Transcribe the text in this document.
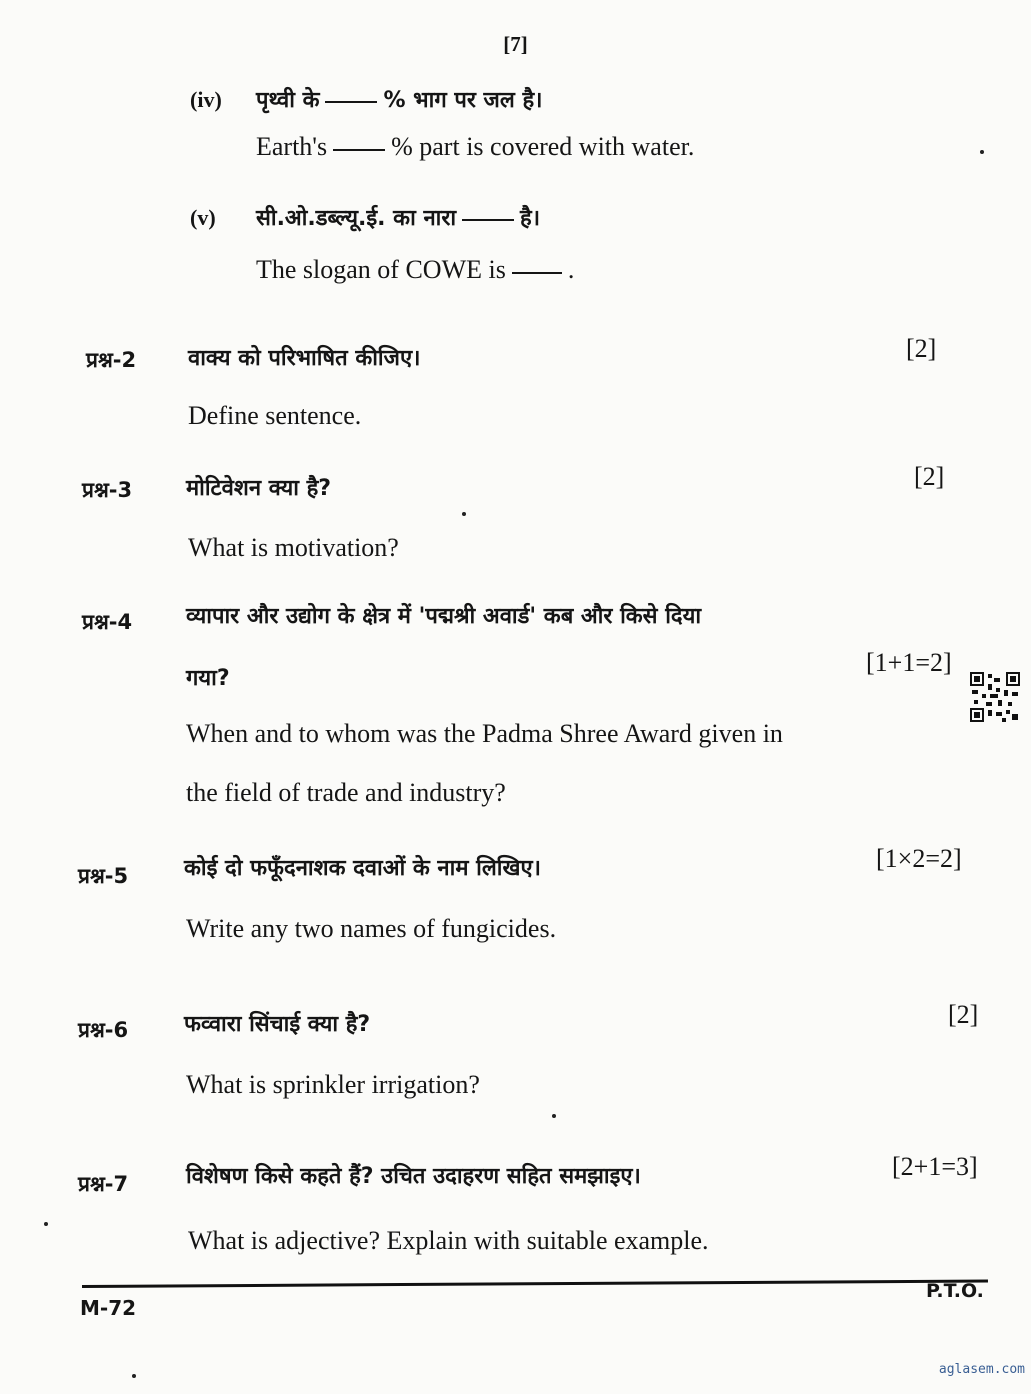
[7]
(iv) पृथ्वी के	% भाग पर जल है।
Earth's % part is covered with water.
(v) सी.ओ.डब्ल्यू.ई. का नारा	है।
The slogan of COWE is .
प्रश्न-2 वाक्य को परिभाषित कीजिए।	[2]
Define sentence.
प्रश्न-3 मोटिवेशन क्या है?	[2]
What is motivation?
प्रश्न-4 व्यापार और उद्योग के क्षेत्र में 'पद्मश्री अवार्ड' कब और किसे दिया
गया?
[1+1=2]
When and to whom was the Padma Shree Award given in
the field of trade and industry?
प्रश्न-5	कोई दो फफूँदनाशक दवाओं के नाम लिखिए।	[1×2=2]
Write any two names of fungicides.
प्रश्न-6	फव्वारा सिंचाई क्या है?	[2]
What is sprinkler irrigation?
प्रश्न-7	विशेषण किसे कहते हैं? उचित उदाहरण सहित समझाइए।	[2+1=3]
What is adjective? Explain with suitable example.
M-72
P.T.O.
aglasem.com
